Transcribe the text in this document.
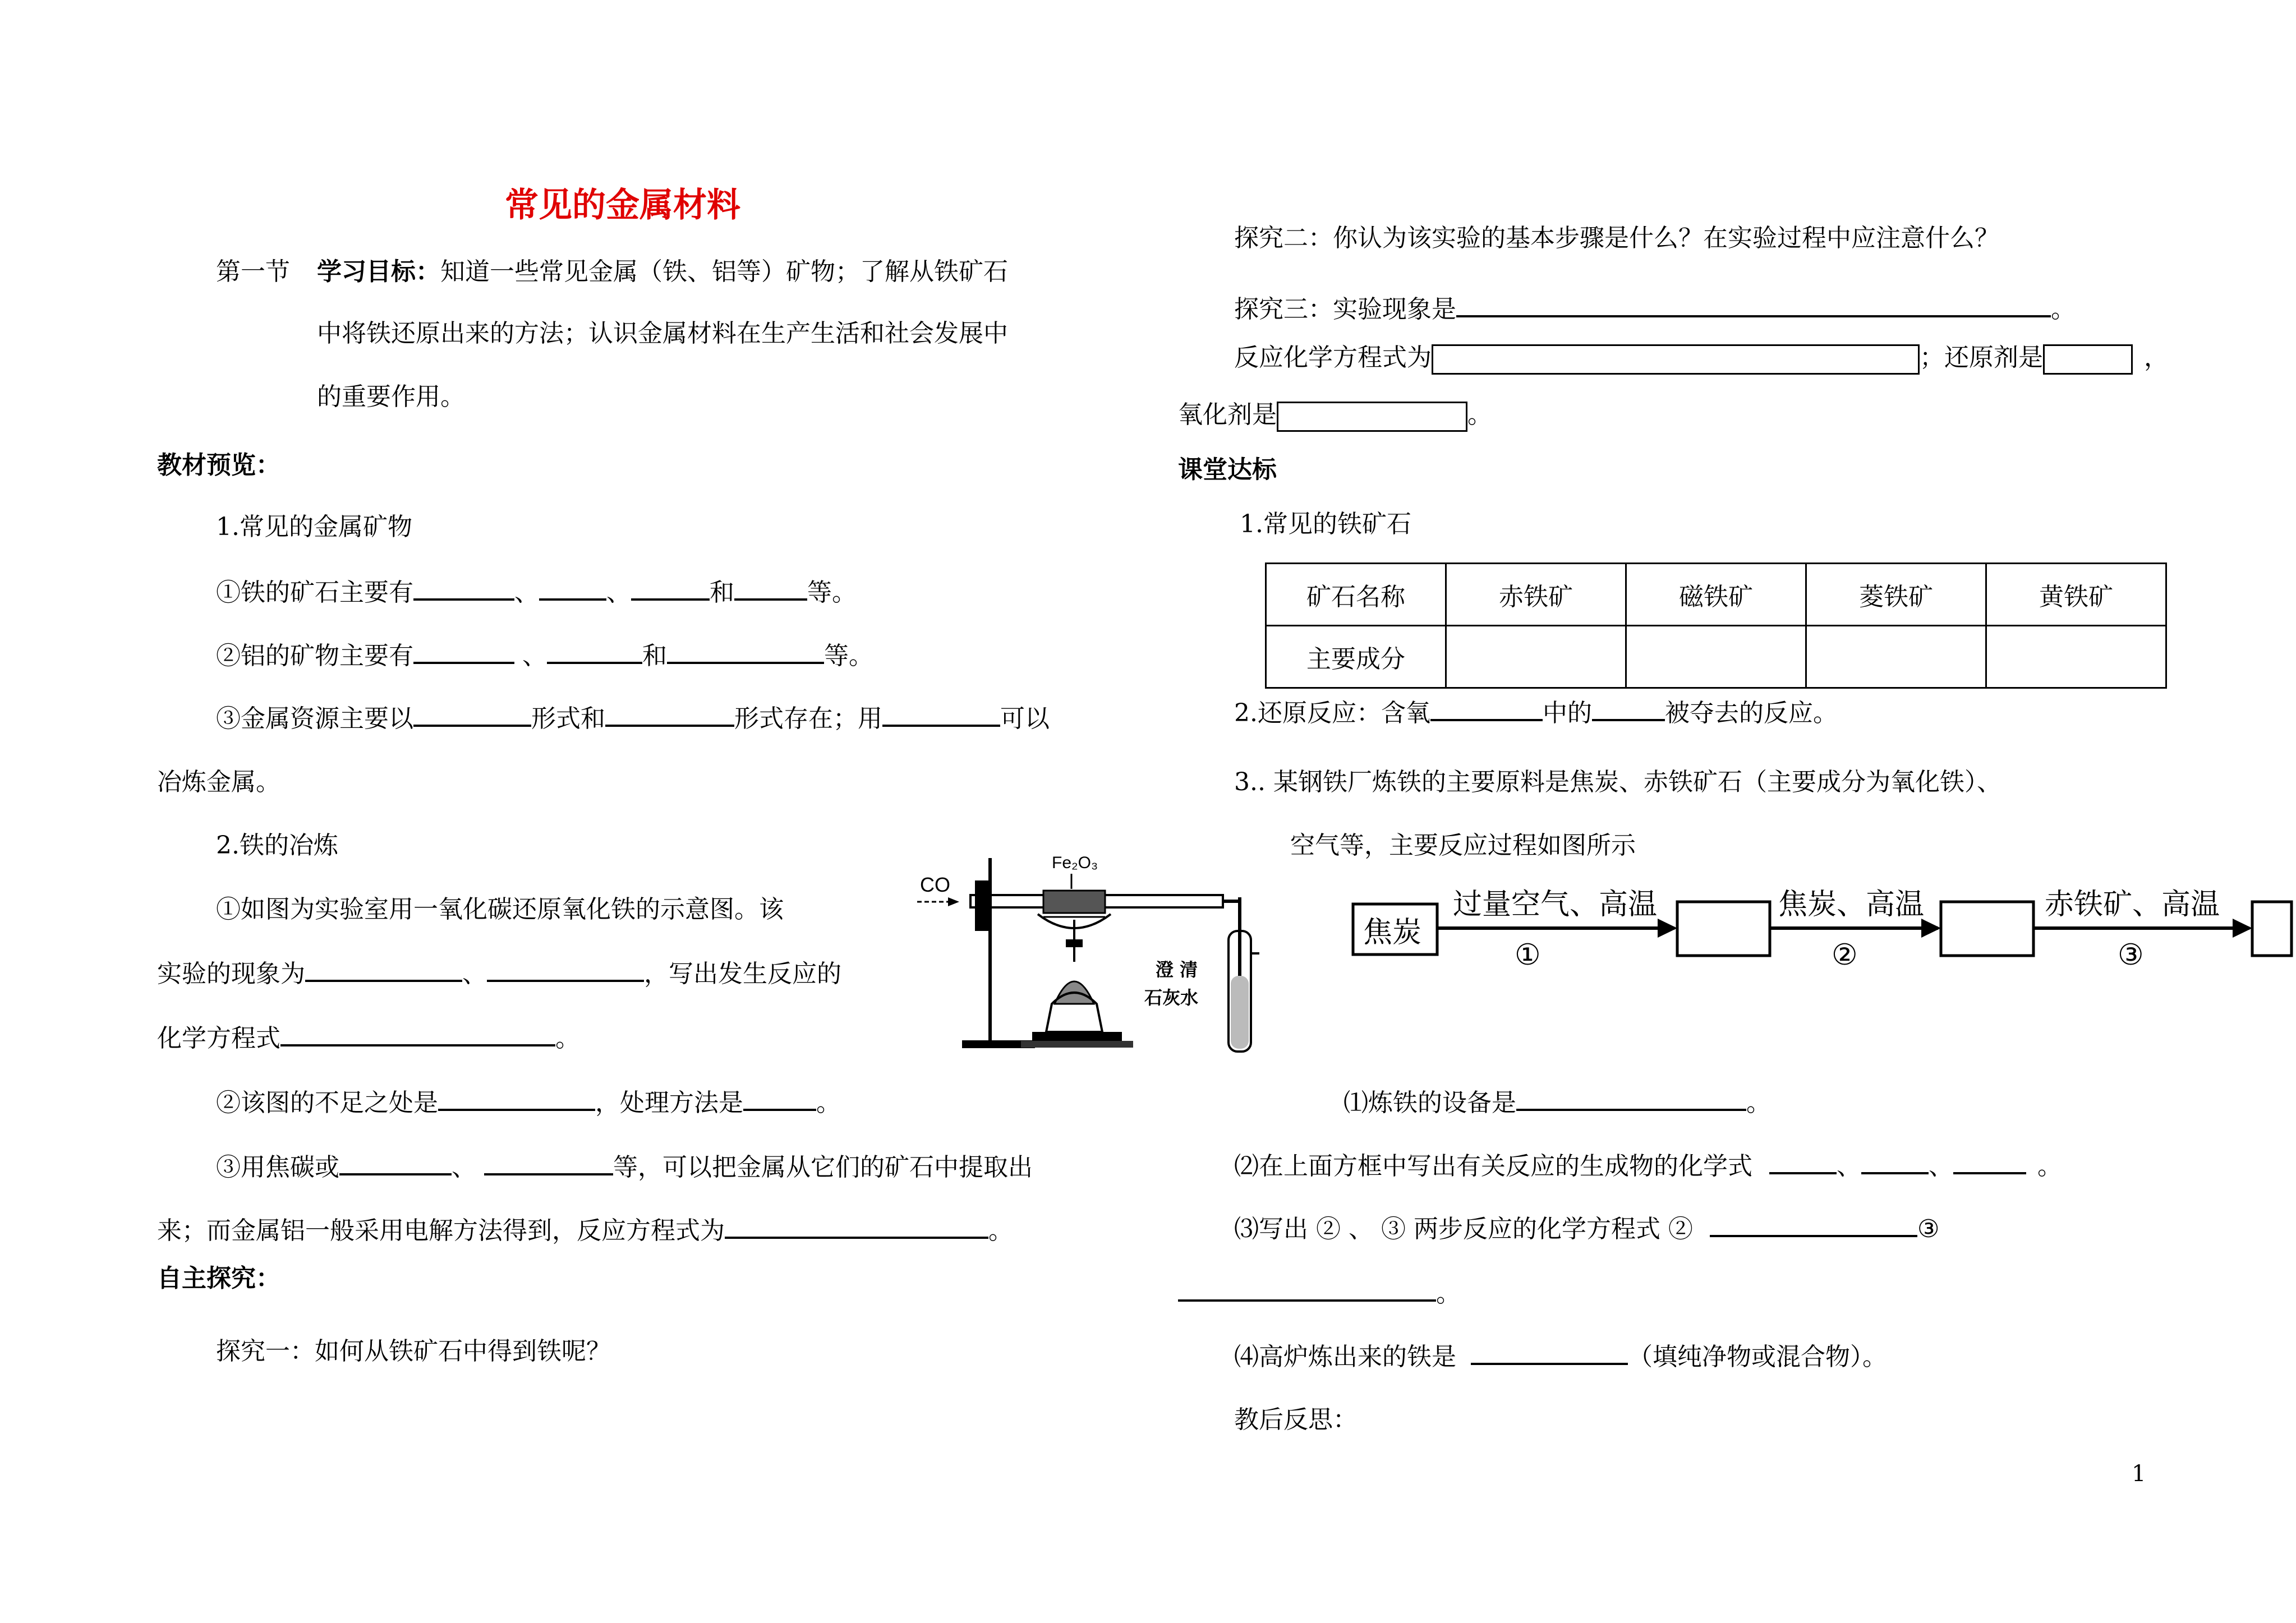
常见的金属材料
第一节 学习目标：知道一些常见金属（铁、铝等）矿物；了解从铁矿石
中将铁还原出来的方法；认识金属材料在生产生活和社会发展中
的重要作用。
教材预览：
1.常见的金属矿物
①铁的矿石主要有	、	、	和	等。
②铝的矿物主要有	、	和	等。
③金属资源主要以	形式和	形式存在；用	可以
冶炼金属。
2.铁的冶炼
①如图为实验室用一氧化碳还原氧化铁的示意图。该
实验的现象为	、	，写出发生反应的
化学方程式	。
②该图的不足之处是	，处理方法是	。
③用焦碳或	、	等，可以把金属从它们的矿石中提取出
来；而金属铝一般采用电解方法得到，反应方程式为	。
自主探究：
探究一：如何从铁矿石中得到铁呢？
CO
Fe₂O₃
澄 清
石灰水
探究二：你认为该实验的基本步骤是什么？在实验过程中应注意什么？
探究三：实验现象是	。
反应化学方程式为	；还原剂是	，
氧化剂是	。
课堂达标
1.常见的铁矿石
矿石名称	赤铁矿	磁铁矿	菱铁矿	黄铁矿
主要成分				
2.还原反应：含氧	中的	被夺去的反应。
3.. 某钢铁厂炼铁的主要原料是焦炭、赤铁矿石（主要成分为氧化铁）、
空气等，主要反应过程如图所示
焦炭
过量空气、高温
①
焦炭、高温
②
赤铁矿、高温
③
⑴炼铁的设备是	。
⑵在上面方框中写出有关反应的生成物的化学式	、	、	。
⑶写出 ② 、 ③ 两步反应的化学方程式 ②	③
。
⑷高炉炼出来的铁是	（填纯净物或混合物）。
教后反思：
1
